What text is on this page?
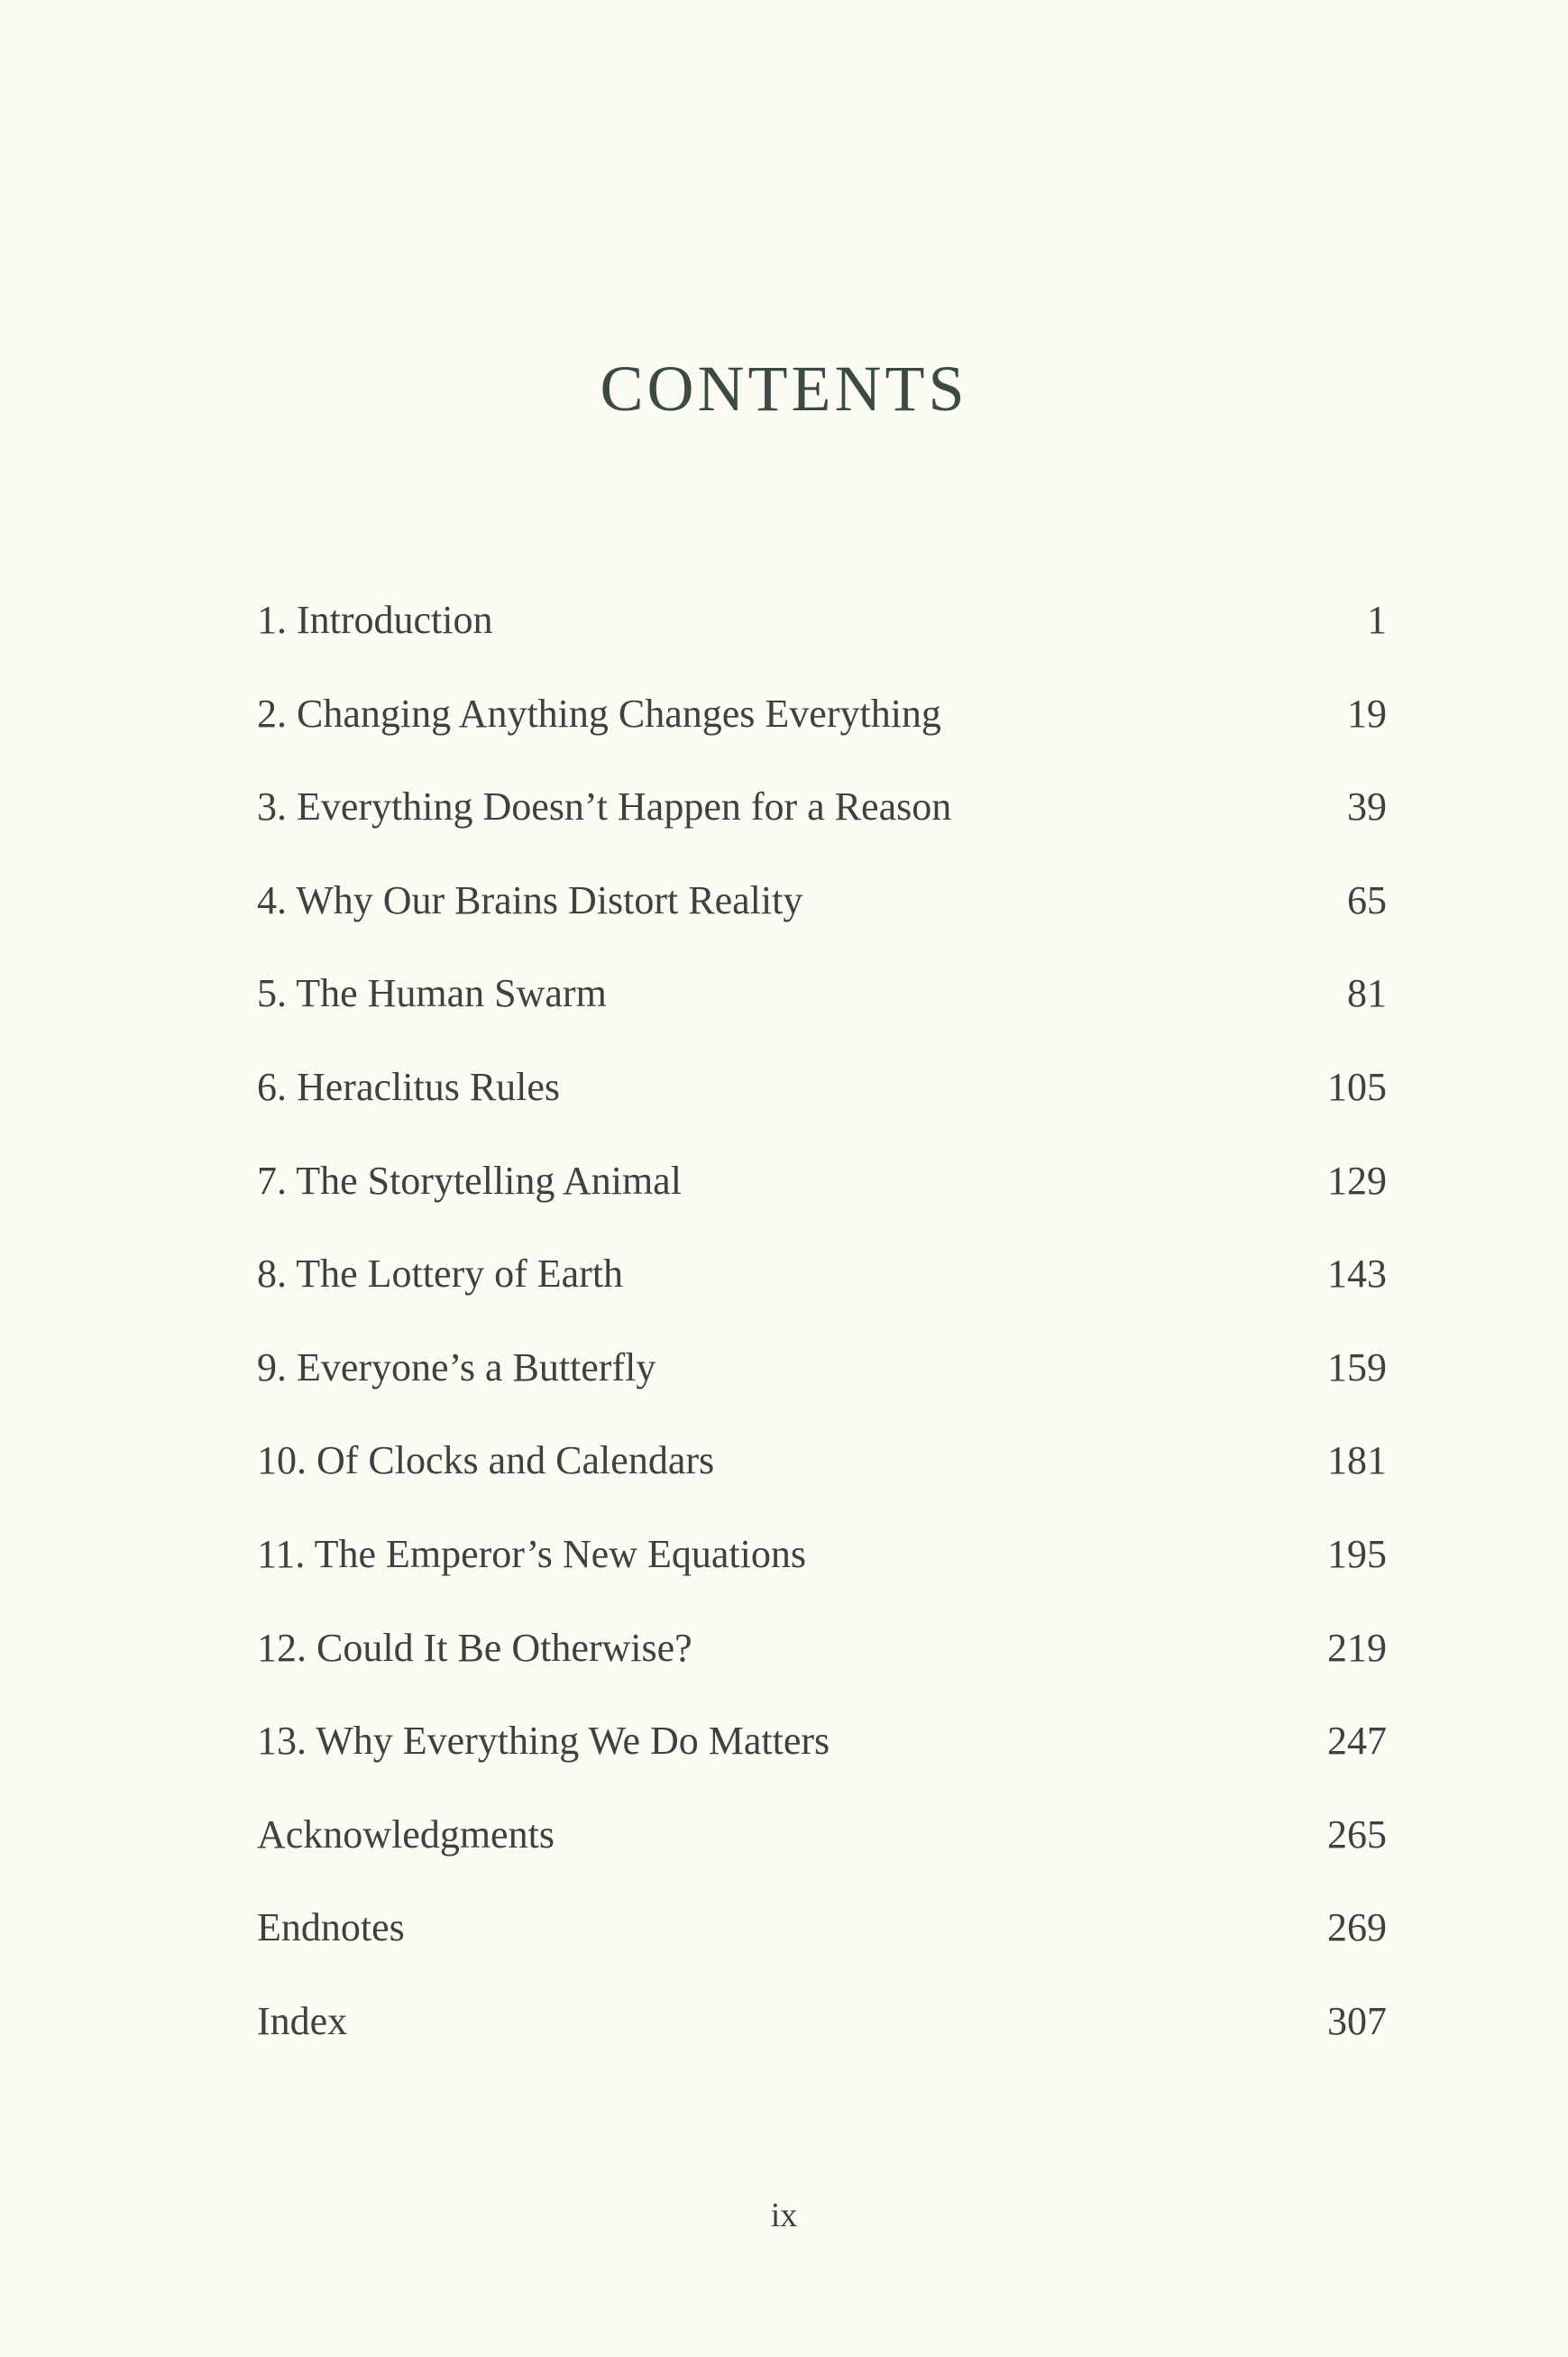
CONTENTS
1. Introduction	1
2. Changing Anything Changes Everything	19
3. Everything Doesn’t Happen for a Reason	39
4. Why Our Brains Distort Reality	65
5. The Human Swarm	81
6. Heraclitus Rules	105
7. The Storytelling Animal	129
8. The Lottery of Earth	143
9. Everyone’s a Butterfly	159
10. Of Clocks and Calendars	181
11. The Emperor’s New Equations	195
12. Could It Be Otherwise?	219
13. Why Everything We Do Matters	247
Acknowledgments	265
Endnotes	269
Index	307
ix
